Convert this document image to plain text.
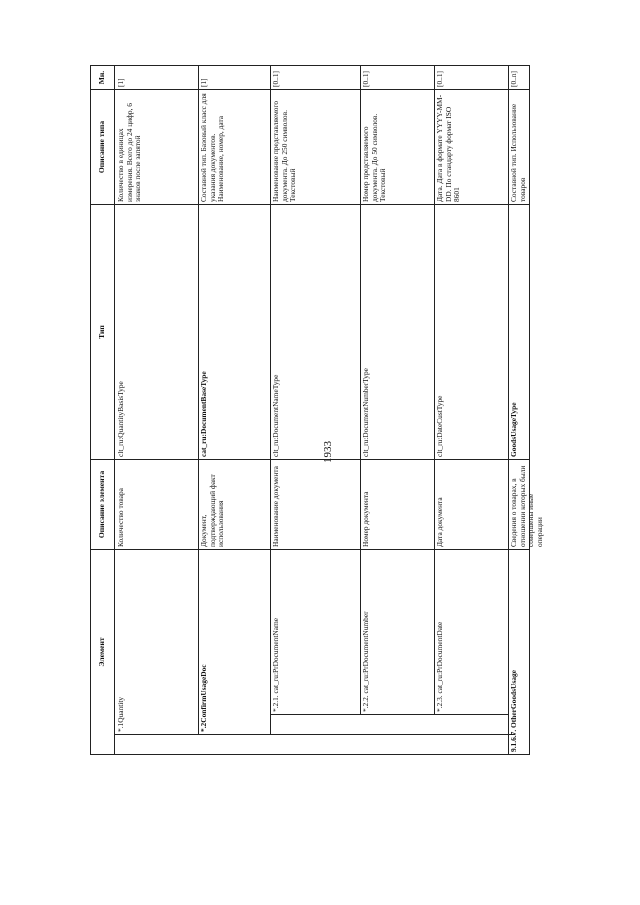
1933
Элемент
Описание элемента
Тип
Описание типа
Мн.
*.1Quantity
Количество товара
clt_ru:QuantityBasisType
Количество в единицах измерения. Всего до 24 цифр, 6 знаков после запятой
[1]
*.2ConfirmUsageDoc
Документ, подтверждающий факт использования
cat_ru:DocumentBaseType
Составной тип. Базовый класс для указания документов. Наименование, номер, дата
[1]
*.2.1. cat_ru:PrDocumentName
Наименование документа
clt_ru:DocumentNameType
Наименование представляемого документа. До 250 символов. Текстовый
[0..1]
*.2.2. cat_ru:PrDocumentNumber
Номер документа
clt_ru:DocumentNumberType
Номер представляемого документа. До 50 символов. Текстовый
[0..1]
*.2.3. cat_ru:PrDocumentDate
Дата документа
clt_ru:DateCustType
Дата. Дата в формате YYYY-MM-DD. По стандарту формат ISO 8601
[0..1]
9.1.6.7. OtherGoodsUsage
Сведения о товарах, в отношении которых были совершены иные операции
GoodsUsageType
Составной тип. Использование товаров
[0..n]
